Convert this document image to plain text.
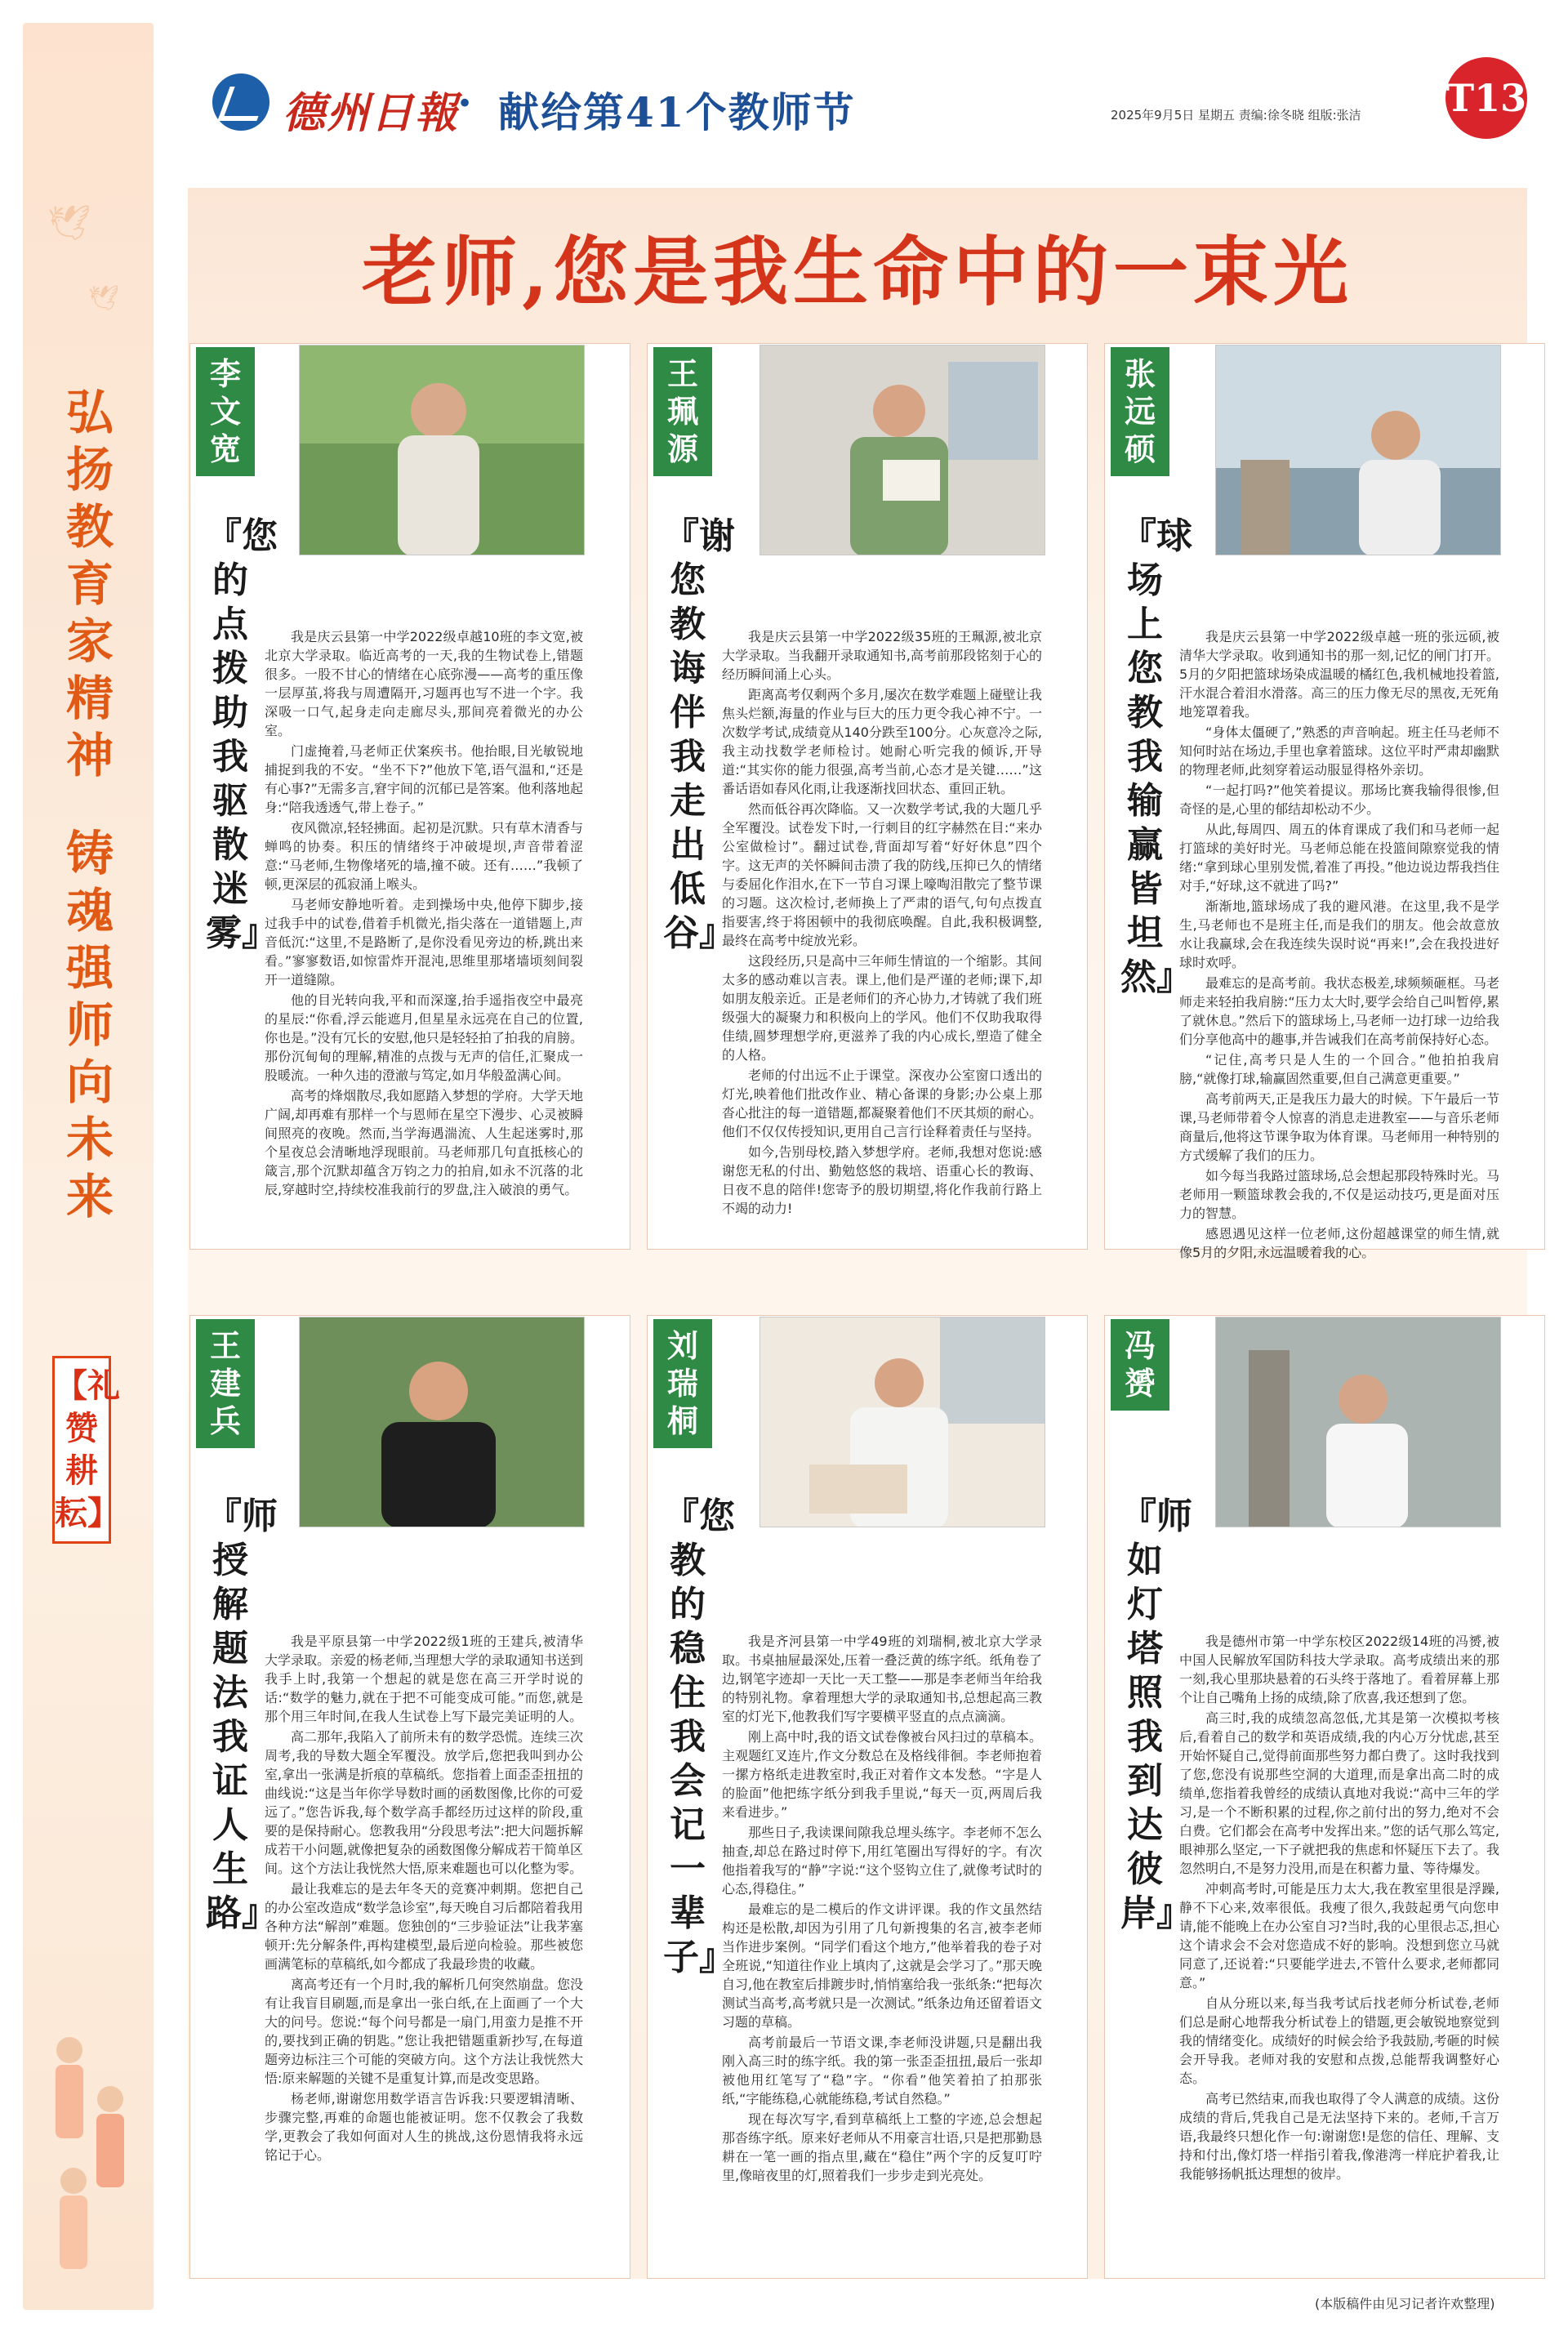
🕊
🕊
弘扬教育家精神
铸魂强师向未来
【礼赞耕耘】
德州日報
· 献给第41个教师节	2025年9月5日 星期五 责编:徐冬晓 组版:张洁 T13
老师,您是我生命中的一束光
李文宽
『您的点拨助我驱散迷雾』

我是庆云县第一中学2022级卓越10班的李文宽,被北京大学录取。临近高考的一天,我的生物试卷上,错题很多。一股不甘心的情绪在心底弥漫——高考的重压像一层厚茧,将我与周遭隔开,习题再也写不进一个字。我深吸一口气,起身走向走廊尽头,那间亮着微光的办公室。

门虚掩着,马老师正伏案疾书。他抬眼,目光敏锐地捕捉到我的不安。“坐不下?”他放下笔,语气温和,“还是有心事?”无需多言,窘宇间的沉郁已是答案。他利落地起身:“陪我透透气,带上卷子。”

夜风微凉,轻轻拂面。起初是沉默。只有草木清香与蝉鸣的协奏。积压的情绪终于冲破堤坝,声音带着涩意:“马老师,生物像堵死的墙,撞不破。还有……”我顿了顿,更深层的孤寂涌上喉头。

马老师安静地听着。走到操场中央,他停下脚步,接过我手中的试卷,借着手机微光,指尖落在一道错题上,声音低沉:“这里,不是路断了,是你没看见旁边的桥,跳出来看。”寥寥数语,如惊雷炸开混沌,思维里那堵墙顷刻间裂开一道缝隙。

他的目光转向我,平和而深邃,抬手遥指夜空中最亮的星辰:“你看,浮云能遮月,但星星永远亮在自己的位置,你也是。”没有冗长的安慰,他只是轻轻拍了拍我的肩膀。那份沉甸甸的理解,精准的点拨与无声的信任,汇聚成一股暖流。一种久违的澄澈与笃定,如月华般盈满心间。

高考的烽烟散尽,我如愿踏入梦想的学府。大学天地广阔,却再难有那样一个与恩师在星空下漫步、心灵被瞬间照亮的夜晚。然而,当学海遇湍流、人生起迷雾时,那个星夜总会清晰地浮现眼前。马老师那几句直抵核心的箴言,那个沉默却蕴含万钧之力的拍肩,如永不沉落的北辰,穿越时空,持续校准我前行的罗盘,注入破浪的勇气。

王珮源
『谢您教诲伴我走出低谷』

我是庆云县第一中学2022级35班的王珮源,被北京大学录取。当我翻开录取通知书,高考前那段铭刻于心的经历瞬间涌上心头。

距离高考仅剩两个多月,屡次在数学难题上碰壁让我焦头烂额,海量的作业与巨大的压力更令我心神不宁。一次数学考试,成绩竟从140分跌至100分。心灰意冷之际,我主动找数学老师检讨。她耐心听完我的倾诉,开导道:“其实你的能力很强,高考当前,心态才是关键……”这番话语如春风化雨,让我逐渐找回状态、重回正轨。

然而低谷再次降临。又一次数学考试,我的大题几乎全军覆没。试卷发下时,一行刺目的红字赫然在目:“来办公室做检讨”。翻过试卷,背面却写着“好好休息”四个字。这无声的关怀瞬间击溃了我的防线,压抑已久的情绪与委屈化作泪水,在下一节自习课上嚎啕泪散完了整节课的习题。这次检讨,老师换上了严肃的语气,句句点拨直指要害,终于将困顿中的我彻底唤醒。自此,我积极调整,最终在高考中绽放光彩。

这段经历,只是高中三年师生情谊的一个缩影。其间太多的感动难以言表。课上,他们是严谨的老师;课下,却如朋友般亲近。正是老师们的齐心协力,才铸就了我们班级强大的凝聚力和积极向上的学风。他们不仅助我取得佳绩,圆梦理想学府,更滋养了我的内心成长,塑造了健全的人格。

老师的付出远不止于课堂。深夜办公室窗口透出的灯光,映着他们批改作业、精心备课的身影;办公桌上那沓心批注的每一道错题,都凝聚着他们不厌其烦的耐心。他们不仅仅传授知识,更用自己言行诠释着责任与坚持。

如今,告别母校,踏入梦想学府。老师,我想对您说:感谢您无私的付出、勤勉悠悠的栽培、语重心长的教诲、日夜不息的陪伴!您寄予的殷切期望,将化作我前行路上不竭的动力!

张远硕
『球场上您教我输赢皆坦然』

我是庆云县第一中学2022级卓越一班的张远硕,被清华大学录取。收到通知书的那一刻,记忆的闸门打开。5月的夕阳把篮球场染成温暖的橘红色,我机械地投着篮,汗水混合着泪水滑落。高三的压力像无尽的黑夜,无死角地笼罩着我。

“身体太僵硬了,”熟悉的声音响起。班主任马老师不知何时站在场边,手里也拿着篮球。这位平时严肃却幽默的物理老师,此刻穿着运动服显得格外亲切。

“一起打吗?”他笑着提议。那场比赛我输得很惨,但奇怪的是,心里的郁结却松动不少。

从此,每周四、周五的体育课成了我们和马老师一起打篮球的美好时光。马老师总能在投篮间隙察觉我的情绪:“拿到球心里别发慌,着准了再投。”他边说边帮我挡住对手,“好球,这不就进了吗?”

渐渐地,篮球场成了我的避风港。在这里,我不是学生,马老师也不是班主任,而是我们的朋友。他会故意放水让我赢球,会在我连续失误时说“再来!”,会在我投进好球时欢呼。

最难忘的是高考前。我状态极差,球频频砸框。马老师走来轻拍我肩膀:“压力太大时,要学会给自己叫暂停,累了就休息。”然后下的篮球场上,马老师一边打球一边给我们分享他高中的趣事,并告诫我们在高考前保持好心态。

“记住,高考只是人生的一个回合。”他拍拍我肩膀,“就像打球,输赢固然重要,但自己满意更重要。”

高考前两天,正是我压力最大的时候。下午最后一节课,马老师带着令人惊喜的消息走进教室——与音乐老师商量后,他将这节课争取为体育课。马老师用一种特别的方式缓解了我们的压力。

如今每当我路过篮球场,总会想起那段特殊时光。马老师用一颗篮球教会我的,不仅是运动技巧,更是面对压力的智慧。

感恩遇见这样一位老师,这份超越课堂的师生情,就像5月的夕阳,永远温暖着我的心。

王建兵
『师授解题法我证人生路』

我是平原县第一中学2022级1班的王建兵,被清华大学录取。亲爱的杨老师,当理想大学的录取通知书送到我手上时,我第一个想起的就是您在高三开学时说的话:“数学的魅力,就在于把不可能变成可能。”而您,就是那个用三年时间,在我人生试卷上写下最完美证明的人。

高二那年,我陷入了前所未有的数学恐慌。连续三次周考,我的导数大题全军覆没。放学后,您把我叫到办公室,拿出一张满是折痕的草稿纸。您指着上面歪歪扭扭的曲线说:“这是当年你学导数时画的函数图像,比你的可爱远了。”您告诉我,每个数学高手都经历过这样的阶段,重要的是保持耐心。您教我用“分段思考法”:把大问题拆解成若干小问题,就像把复杂的函数图像分解成若干简单区间。这个方法让我恍然大悟,原来难题也可以化整为零。

最让我难忘的是去年冬天的竞赛冲刺期。您把自己的办公室改造成“数学急诊室”,每天晚自习后都陪着我用各种方法“解剖”难题。您独创的“三步验证法”让我茅塞顿开:先分解条件,再构建模型,最后逆向检验。那些被您画满笔标的草稿纸,如今都成了我最珍贵的收藏。

离高考还有一个月时,我的解析几何突然崩盘。您没有让我盲目刷题,而是拿出一张白纸,在上面画了一个大大的问号。您说:“每个问号都是一扇门,用蛮力是推不开的,要找到正确的钥匙。”您让我把错题重新抄写,在每道题旁边标注三个可能的突破方向。这个方法让我恍然大悟:原来解题的关键不是重复计算,而是改变思路。

杨老师,谢谢您用数学语言告诉我:只要逻辑清晰、步骤完整,再难的命题也能被证明。您不仅教会了我数学,更教会了我如何面对人生的挑战,这份恩情我将永远铭记于心。

刘瑞桐
『您教的稳住我会记一辈子』

我是齐河县第一中学49班的刘瑞桐,被北京大学录取。书桌抽屉最深处,压着一叠泛黄的练字纸。纸角卷了边,钢笔字迹却一天比一天工整——那是李老师当年给我的特别礼物。拿着理想大学的录取通知书,总想起高三教室的灯光下,他教我们写字要横平竖直的点点滴滴。

刚上高中时,我的语文试卷像被台风扫过的草稿本。主观题红叉连片,作文分数总在及格线徘徊。李老师抱着一摞方格纸走进教室时,我正对着作文本发愁。“字是人的脸面”他把练字纸分到我手里说,“每天一页,两周后我来看进步。”

那些日子,我读课间隙我总埋头练字。李老师不怎么抽查,却总在路过时停下,用红笔圈出写得好的字。有次他指着我写的“静”字说:“这个竖钩立住了,就像考试时的心态,得稳住。”

最难忘的是二模后的作文讲评课。我的作文虽然结构还是松散,却因为引用了几句新搜集的名言,被李老师当作进步案例。“同学们看这个地方,”他举着我的卷子对全班说,“知道往作业上填肉了,这就是会学习了。”那天晚自习,他在教室后排踱步时,悄悄塞给我一张纸条:“把每次测试当高考,高考就只是一次测试。”纸条边角还留着语文习题的草稿。

高考前最后一节语文课,李老师没讲题,只是翻出我刚入高三时的练字纸。我的第一张歪歪扭扭,最后一张却被他用红笔写了“稳”字。“你看”他笑着拍了拍那张纸,“字能练稳,心就能练稳,考试自然稳。”

现在每次写字,看到草稿纸上工整的字迹,总会想起那沓练字纸。原来好老师从不用豪言壮语,只是把那勤恳耕在一笔一画的指点里,藏在“稳住”两个字的反复叮咛里,像暗夜里的灯,照着我们一步步走到光亮处。

冯赟
『师如灯塔照我到达彼岸』

我是德州市第一中学东校区2022级14班的冯赟,被中国人民解放军国防科技大学录取。高考成绩出来的那一刻,我心里那块悬着的石头终于落地了。看着屏幕上那个让自己嘴角上扬的成绩,除了欣喜,我还想到了您。

高三时,我的成绩忽高忽低,尤其是第一次模拟考核后,看着自己的数学和英语成绩,我的内心万分忧虑,甚至开始怀疑自己,觉得前面那些努力都白费了。这时我找到了您,您没有说那些空洞的大道理,而是拿出高二时的成绩单,您指着我曾经的成绩认真地对我说:“高中三年的学习,是一个不断积累的过程,你之前付出的努力,绝对不会白费。它们都会在高考中发挥出来。”您的话气那么笃定,眼神那么坚定,一下子就把我的焦虑和怀疑压下去了。我忽然明白,不是努力没用,而是在积蓄力量、等待爆发。

冲刺高考时,可能是压力太大,我在教室里很是浮躁,静不下心来,效率很低。我瘦了很久,我鼓起勇气向您申请,能不能晚上在办公室自习?当时,我的心里很忐忑,担心这个请求会不会对您造成不好的影响。没想到您立马就同意了,还说着:“只要能学进去,不管什么要求,老师都同意。”

自从分班以来,每当我考试后找老师分析试卷,老师们总是耐心地帮我分析试卷上的错题,更会敏锐地察觉到我的情绪变化。成绩好的时候会给予我鼓励,考砸的时候会开导我。老师对我的安慰和点拨,总能帮我调整好心态。

高考已然结束,而我也取得了令人满意的成绩。这份成绩的背后,凭我自己是无法坚持下来的。老师,千言万语,我最终只想化作一句:谢谢您!是您的信任、理解、支持和付出,像灯塔一样指引着我,像港湾一样庇护着我,让我能够扬帆抵达理想的彼岸。

(本版稿件由见习记者许欢整理)
